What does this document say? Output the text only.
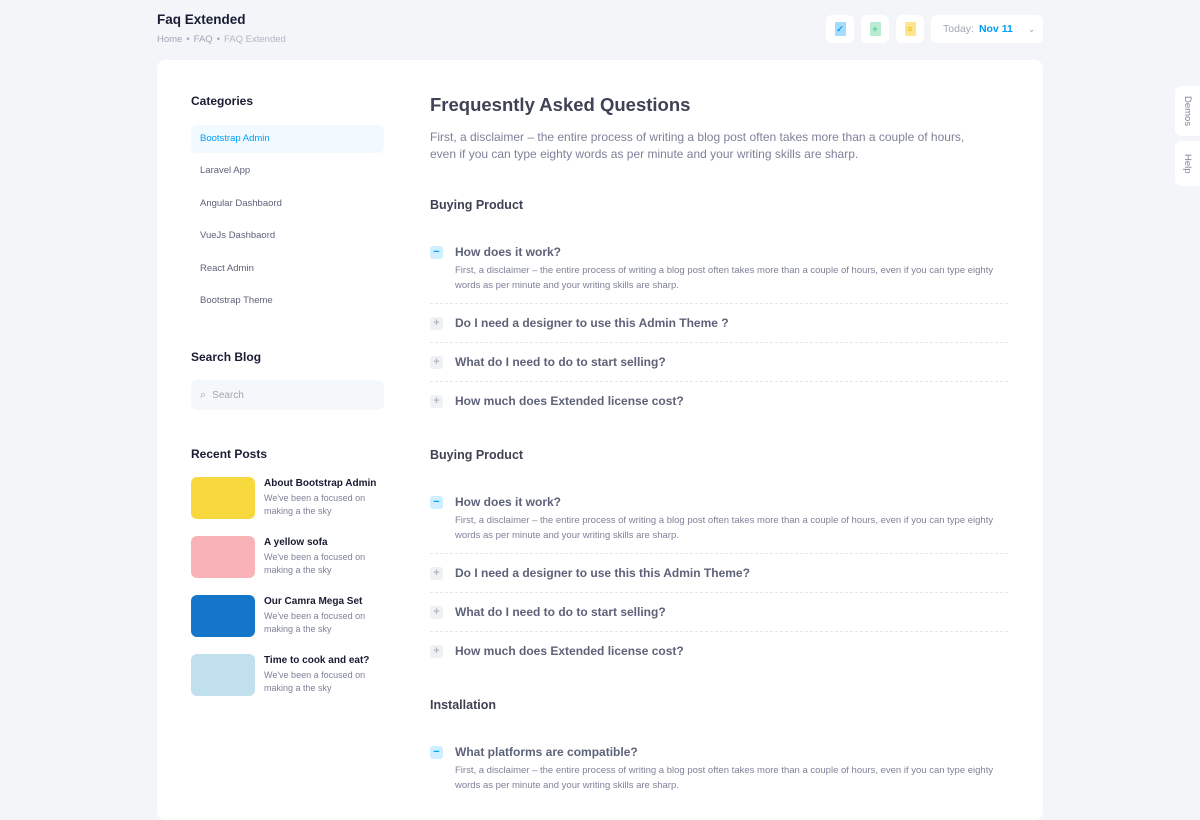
Faq Extended
Home • FAQ • FAQ Extended
✓	+	≡	Today: Nov 11 ⌄
Demos
Help
Categories
Bootstrap Admin
Laravel App
Angular Dashbaord
VueJs Dashbaord
React Admin
Bootstrap Theme
Search Blog
⌕ Search
Recent Posts
About Bootstrap Admin
We've been a focused on making a the sky
A yellow sofa
We've been a focused on making a the sky
Our Camra Mega Set
We've been a focused on making a the sky
Time to cook and eat?
We've been a focused on making a the sky
Frequesntly Asked Questions
First, a disclaimer – the entire process of writing a blog post often takes more than a couple of hours, even if you can type eighty words as per minute and your writing skills are sharp.
Buying Product
− How does it work?
First, a disclaimer – the entire process of writing a blog post often takes more than a couple of hours, even if you can type eighty words as per minute and your writing skills are sharp.
+ Do I need a designer to use this Admin Theme ?
+ What do I need to do to start selling?
+ How much does Extended license cost?
Buying Product
− How does it work?
First, a disclaimer – the entire process of writing a blog post often takes more than a couple of hours, even if you can type eighty words as per minute and your writing skills are sharp.
+ Do I need a designer to use this this Admin Theme?
+ What do I need to do to start selling?
+ How much does Extended license cost?
Installation
− What platforms are compatible?
First, a disclaimer – the entire process of writing a blog post often takes more than a couple of hours, even if you can type eighty words as per minute and your writing skills are sharp.
